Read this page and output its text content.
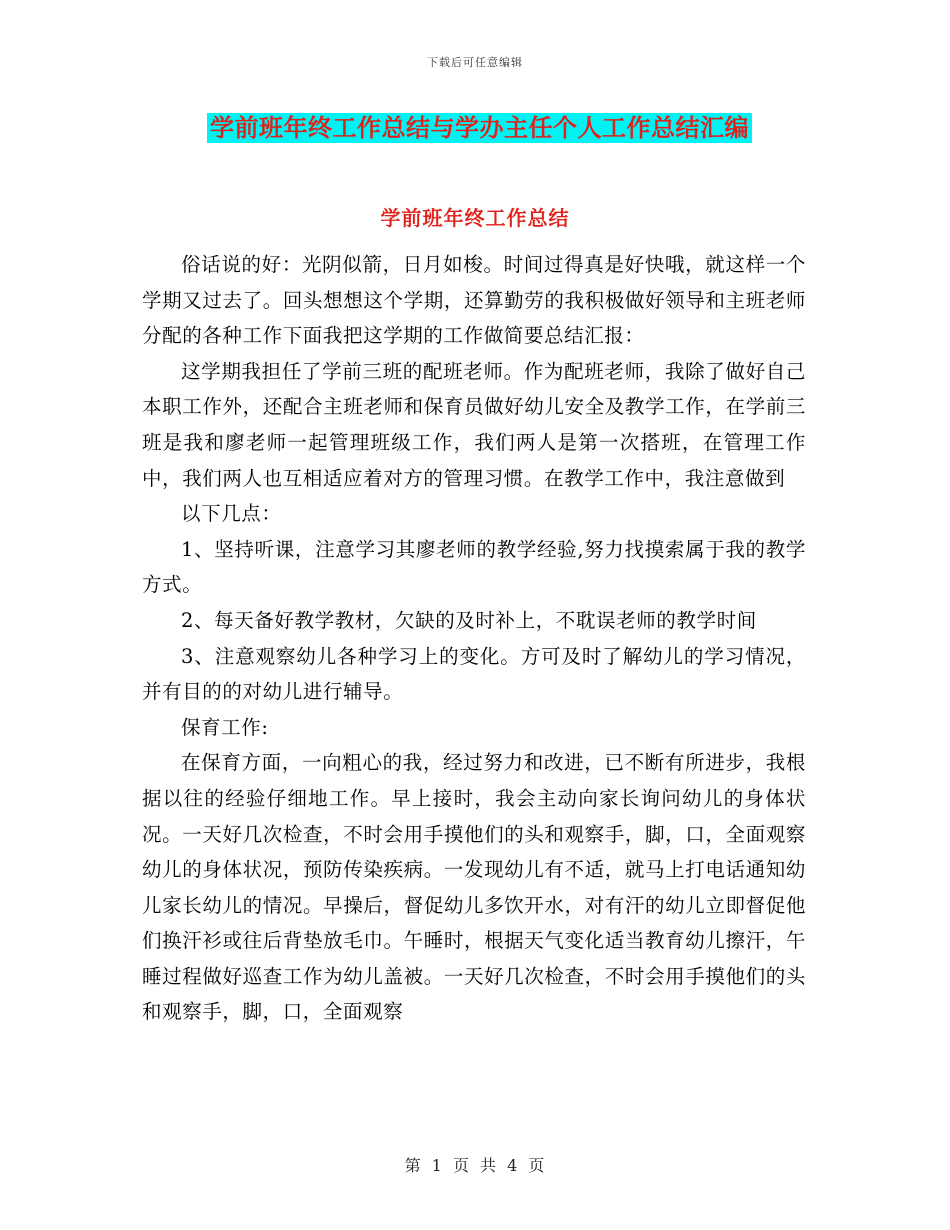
下载后可任意编辑
学前班年终工作总结与学办主任个人工作总结汇编
学前班年终工作总结

俗话说的好：光阴似箭，日月如梭。时间过得真是好快哦，就这样一个学期又过去了。回头想想这个学期，还算勤劳的我积极做好领导和主班老师分配的各种工作下面我把这学期的工作做简要总结汇报：

这学期我担任了学前三班的配班老师。作为配班老师，我除了做好自己本职工作外，还配合主班老师和保育员做好幼儿安全及教学工作，在学前三班是我和廖老师一起管理班级工作，我们两人是第一次搭班，在管理工作中，我们两人也互相适应着对方的管理习惯。在教学工作中，我注意做到

以下几点：

1、坚持听课，注意学习其廖老师的教学经验,努力找摸索属于我的教学方式。

2、每天备好教学教材，欠缺的及时补上，不耽误老师的教学时间

3、注意观察幼儿各种学习上的变化。方可及时了解幼儿的学习情况，并有目的的对幼儿进行辅导。

保育工作:

在保育方面，一向粗心的我，经过努力和改进，已不断有所进步，我根据以往的经验仔细地工作。早上接时，我会主动向家长询问幼儿的身体状况。一天好几次检查，不时会用手摸他们的头和观察手，脚，口，全面观察幼儿的身体状况，预防传染疾病。一发现幼儿有不适，就马上打电话通知幼儿家长幼儿的情况。早操后，督促幼儿多饮开水，对有汗的幼儿立即督促他们换汗衫或往后背垫放毛巾。午睡时，根据天气变化适当教育幼儿擦汗，午睡过程做好巡查工作为幼儿盖被。一天好几次检查，不时会用手摸他们的头和观察手，脚，口，全面观察

第 1 页 共 4 页
